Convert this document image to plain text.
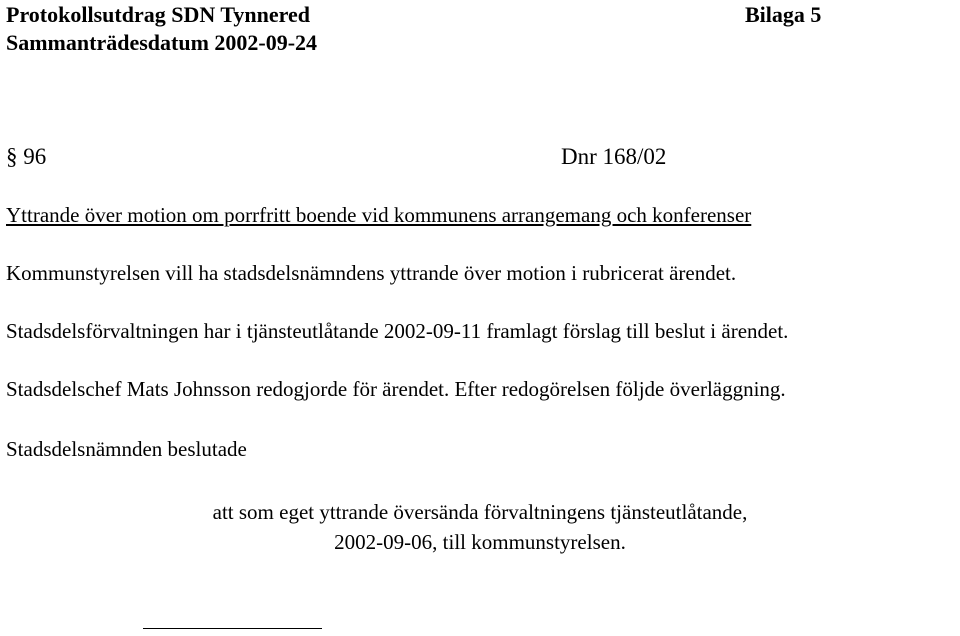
Protokollsutdrag SDN Tynnered	Bilaga 5
Sammanträdesdatum 2002-09-24
§ 96	Dnr 168/02
Yttrande över motion om porrfritt boende vid kommunens arrangemang och konferenser
Kommunstyrelsen vill ha stadsdelsnämndens yttrande över motion i rubricerat ärendet.
Stadsdelsförvaltningen har i tjänsteutlåtande 2002-09-11 framlagt förslag till beslut i ärendet.
Stadsdelschef Mats Johnsson redogjorde för ärendet. Efter redogörelsen följde överläggning.
Stadsdelsnämnden beslutade
att som eget yttrande översända förvaltningens tjänsteutlåtande,
2002-09-06, till kommunstyrelsen.
